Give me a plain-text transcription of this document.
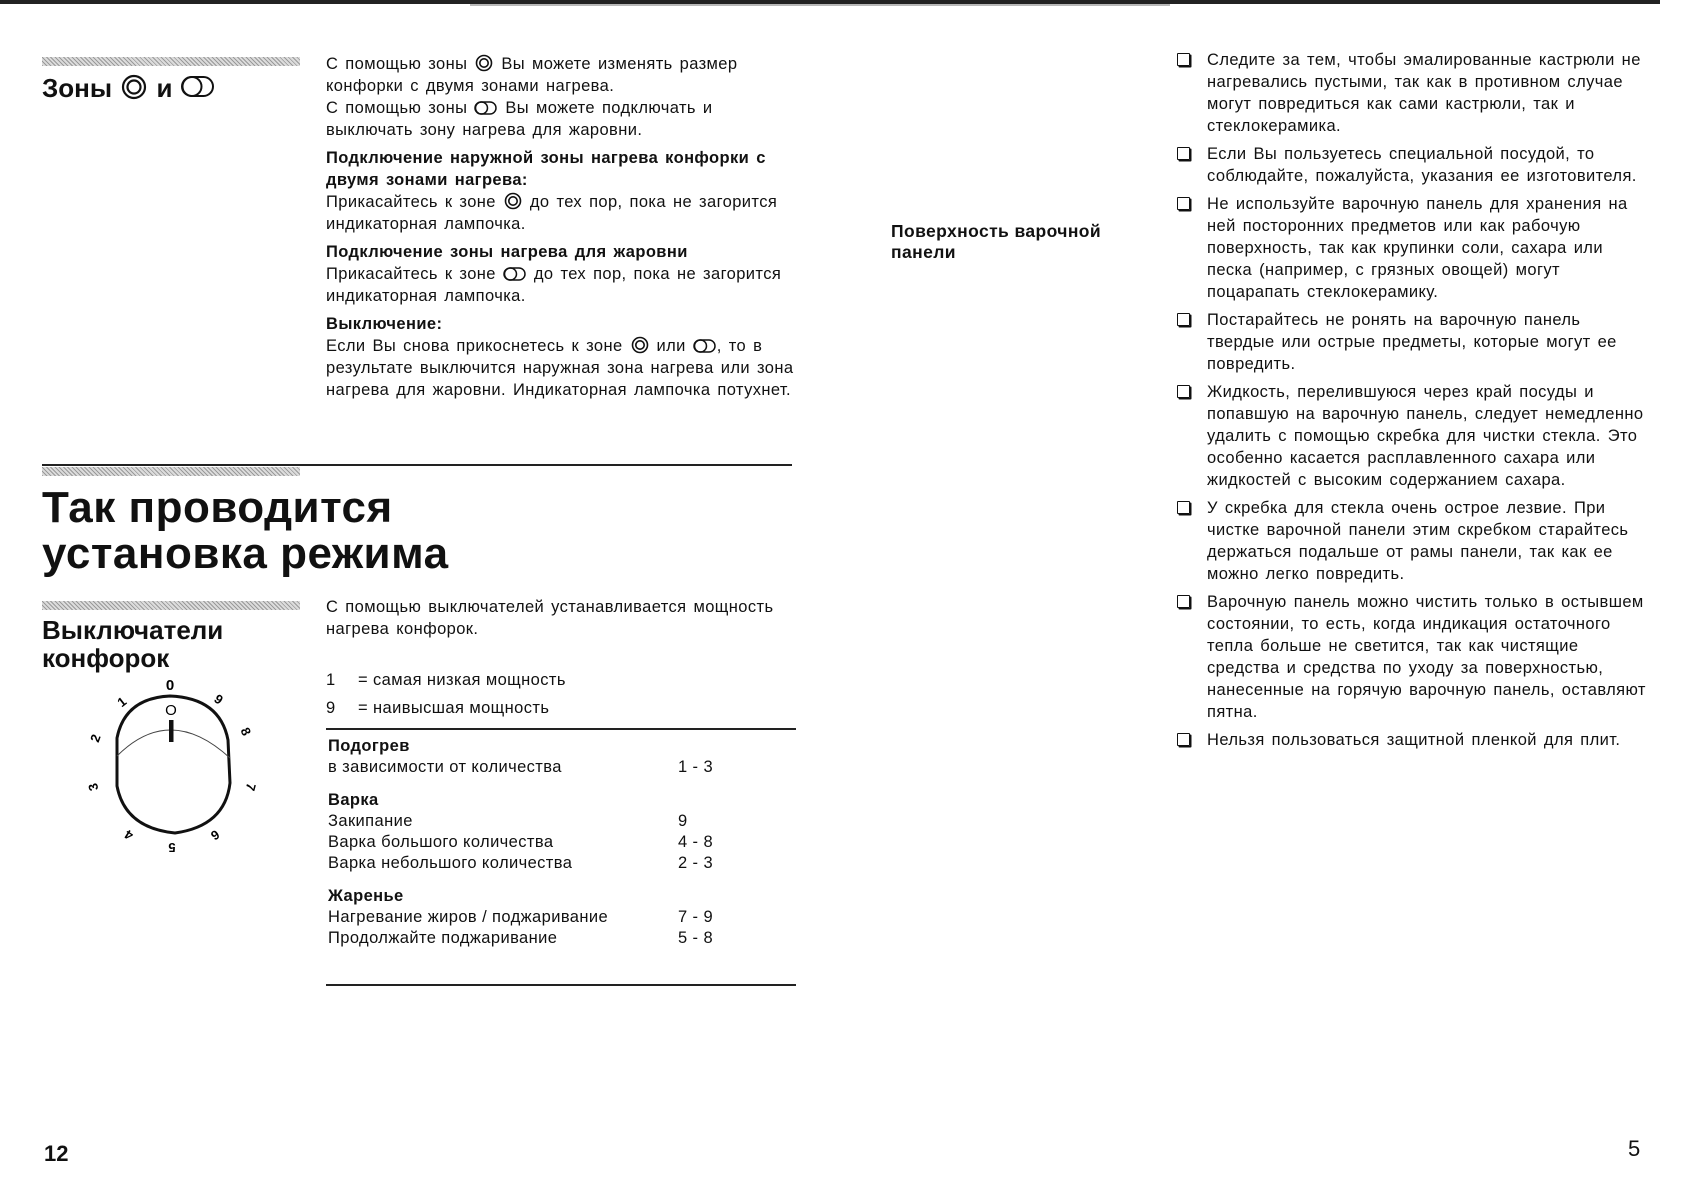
Зоны и

С помощью зоны Вы можете изменять размер конфорки с двумя зонами нагрева.

С помощью зоны Вы можете подключать и выключать зону нагрева для жаровни.

Подключение наружной зоны нагрева конфорки с двумя зонами нагрева:

Прикасайтесь к зоне до тех пор, пока не загорится индикаторная лампочка.

Подключение зоны нагрева для жаровни

Прикасайтесь к зоне до тех пор, пока не загорится индикаторная лампочка.

Выключение:

Если Вы снова прикоснетесь к зоне или , то в результате выключится наружная зона нагрева или зона нагрева для жаровни. Индикаторная лампочка потухнет.

Так проводится
установка режима
Выключатели
конфорок
O
0
1
2
3
4
5
6
7
8
9
С помощью выключателей устанавливается мощность нагрева конфорок.
1	= самая низкая мощность
9	= наивысшая мощность
Подогрев	
в зависимости от количества	1 - 3
Варка	
Закипание	9
Варка большого количества	4 - 8
Варка небольшого количества	2 - 3
Жаренье	
Нагревание жиров / поджаривание	7 - 9
Продолжайте поджаривание	5 - 8
12
Поверхность варочной панели
Следите за тем, чтобы эмалированные кастрюли не нагревались пустыми, так как в противном случае могут повредиться как сами кастрюли, так и стеклокерамика.
Если Вы пользуетесь специальной посудой, то соблюдайте, пожалуйста, указания ее изготовителя.
Не используйте варочную панель для хранения на ней посторонних предметов или как рабочую поверхность, так как крупинки соли, сахара или песка (например, с грязных овощей) могут поцарапать стеклокерамику.
Постарайтесь не ронять на варочную панель твердые или острые предметы, которые могут ее повредить.
Жидкость, перелившуюся через край посуды и попавшую на варочную панель, следует немедленно удалить с помощью скребка для чистки стекла. Это особенно касается расплавленного сахара или жидкостей с высоким содержанием сахара.
У скребка для стекла очень острое лезвие. При чистке варочной панели этим скребком старайтесь держаться подальше от рамы панели, так как ее можно легко повредить.
Варочную панель можно чистить только в остывшем состоянии, то есть, когда индикация остаточного тепла больше не светится, так как чистящие средства и средства по уходу за поверхностью, нанесенные на горячую варочную панель, оставляют пятна.
Нельзя пользоваться защитной пленкой для плит.
5
